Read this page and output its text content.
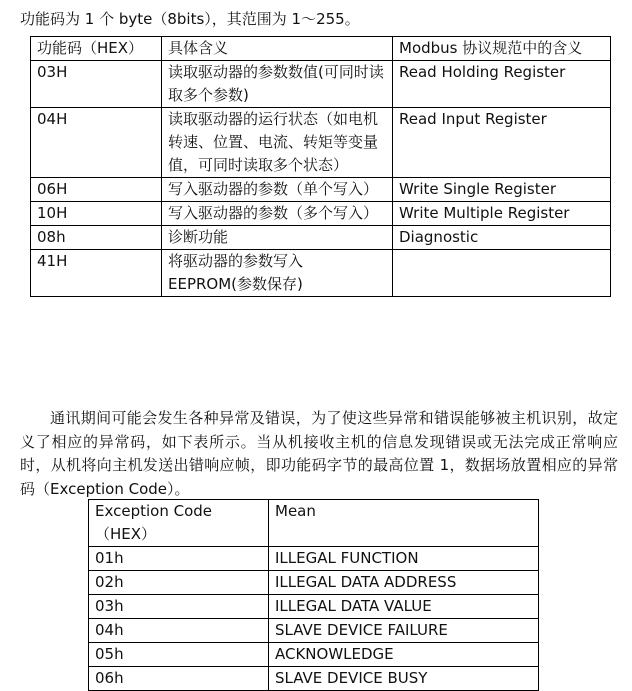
功能码为 1 个 byte（8bits），其范围为 1～255。
功能码（HEX）	具体含义	Modbus 协议规范中的含义
03H	读取驱动器的参数数值(可同时读取多个参数)	Read Holding Register
04H	读取驱动器的运行状态（如电机转速、位置、电流、转矩等变量值，可同时读取多个状态）	Read Input Register
06H	写入驱动器的参数（单个写入）	Write Single Register
10H	写入驱动器的参数（多个写入）	Write Multiple Register
08h	诊断功能	Diagnostic
41H	将驱动器的参数写入EEPROM(参数保存)	
通讯期间可能会发生各种异常及错误，为了使这些异常和错误能够被主机识别，故定义了相应的异常码，如下表所示。当从机接收主机的信息发现错误或无法完成正常响应时，从机将向主机发送出错响应帧，即功能码字节的最高位置 1，数据场放置相应的异常码（Exception Code）。
Exception Code（HEX）	Mean
01h	ILLEGAL FUNCTION
02h	ILLEGAL DATA ADDRESS
03h	ILLEGAL DATA VALUE
04h	SLAVE DEVICE FAILURE
05h	ACKNOWLEDGE
06h	SLAVE DEVICE BUSY
